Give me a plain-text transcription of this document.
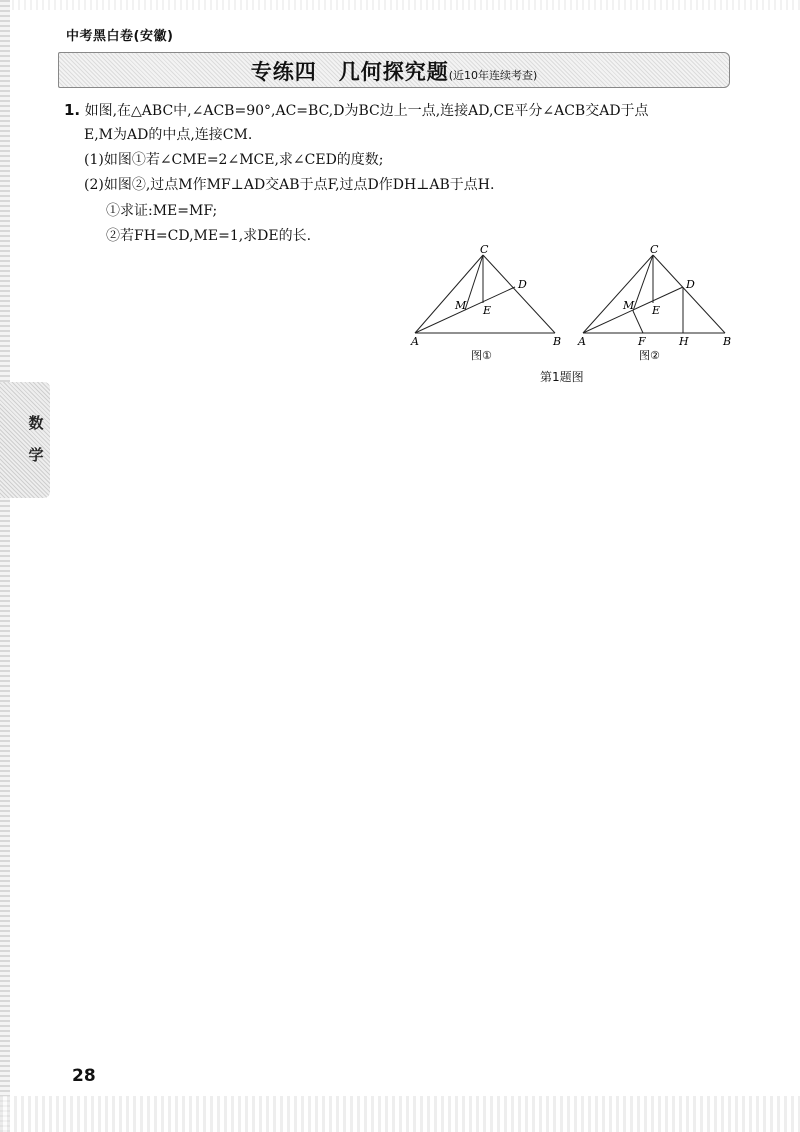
中考黑白卷(安徽)
专练四　几何探究题(近10年连续考查)
数
学
1. 如图,在△ABC中,∠ACB=90°,AC=BC,D为BC边上一点,连接AD,CE平分∠ACB交AD于点
E,M为AD的中点,连接CM.
(1)如图①若∠CME=2∠MCE,求∠CED的度数;
(2)如图②,过点M作MF⊥AD交AB于点F,过点D作DH⊥AB于点H.
①求证:ME=MF;
②若FH=CD,ME=1,求DE的长.
C
D
M E
A	B
图①
C
D
M E
A	F	H	B
图②
第1题图
28
